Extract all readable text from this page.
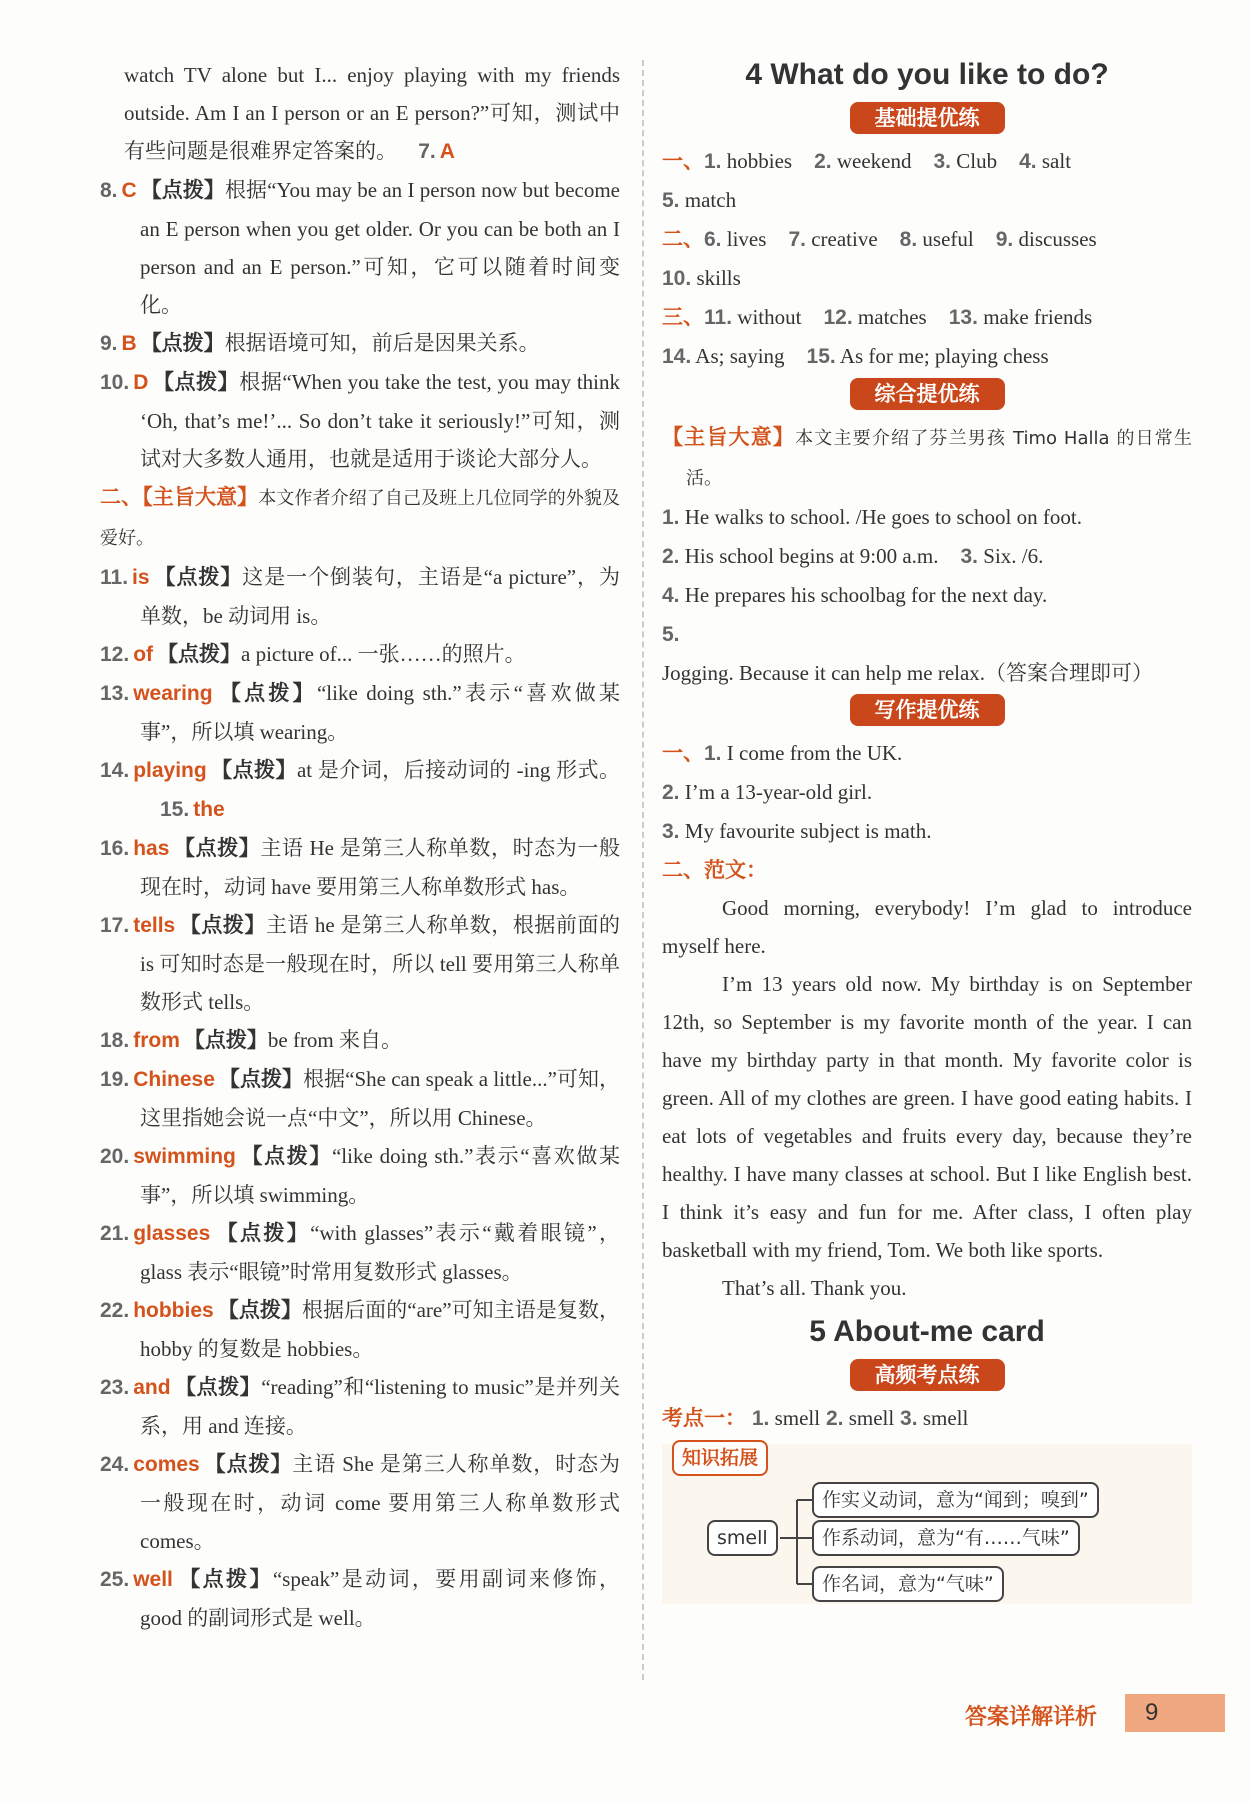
watch TV alone but I... enjoy playing with my friends outside. Am I an I person or an E person?”可知，测试中有些问题是很难界定答案的。 7. A
8. C 【点拨】根据“You may be an I person now but become an E person when you get older. Or you can be both an I person and an E person.”可知，它可以随着时间变化。
9. B 【点拨】根据语境可知，前后是因果关系。
10. D 【点拨】根据“When you take the test, you may think ‘Oh, that’s me!’... So don’t take it seriously!”可知，测试对大多数人通用，也就是适用于谈论大部分人。
二、【主旨大意】本文作者介绍了自己及班上几位同学的外貌及爱好。
11. is 【点拨】这是一个倒装句，主语是“a picture”，为单数，be 动词用 is。
12. of 【点拨】a picture of... 一张……的照片。
13. wearing 【点拨】“like doing sth.”表示“喜欢做某事”，所以填 wearing。
14. playing 【点拨】at 是介词，后接动词的 -ing 形式。15. the
16. has 【点拨】主语 He 是第三人称单数，时态为一般现在时，动词 have 要用第三人称单数形式 has。
17. tells 【点拨】主语 he 是第三人称单数，根据前面的 is 可知时态是一般现在时，所以 tell 要用第三人称单数形式 tells。
18. from 【点拨】be from 来自。
19. Chinese 【点拨】根据“She can speak a little...”可知，这里指她会说一点“中文”，所以用 Chinese。
20. swimming 【点拨】“like doing sth.”表示“喜欢做某事”，所以填 swimming。
21. glasses 【点拨】“with glasses”表示“戴着眼镜”，glass 表示“眼镜”时常用复数形式 glasses。
22. hobbies 【点拨】根据后面的“are”可知主语是复数，hobby 的复数是 hobbies。
23. and 【点拨】“reading”和“listening to music”是并列关系，用 and 连接。
24. comes 【点拨】主语 She 是第三人称单数，时态为一般现在时，动词 come 要用第三人称单数形式 comes。
25. well 【点拨】“speak”是动词，要用副词来修饰，good 的副词形式是 well。
4 What do you like to do?
基础提优练
一、1. hobbies 2. weekend 3. Club 4. salt
5. match
二、6. lives 7. creative 8. useful 9. discusses
10. skills
三、11. without 12. matches 13. make friends
14. As; saying 15. As for me; playing chess
综合提优练
【主旨大意】本文主要介绍了芬兰男孩 Timo Halla 的日常生活。
1. He walks to school. /He goes to school on foot.
2. His school begins at 9:00 a.m. 3. Six. /6.
4. He prepares his schoolbag for the next day.
5. Jogging. Because it can help me relax.（答案合理即可）
写作提优练
一、1. I come from the UK.
2. I’m a 13-year-old girl.
3. My favourite subject is math.
二、范文：
Good morning, everybody! I’m glad to introduce myself here.
I’m 13 years old now. My birthday is on September 12th, so September is my favorite month of the year. I can have my birthday party in that month. My favorite color is green. All of my clothes are green. I have good eating habits. I eat lots of vegetables and fruits every day, because they’re healthy. I have many classes at school. But I like English best. I think it’s easy and fun for me. After class, I often play basketball with my friend, Tom. We both like sports.
That’s all. Thank you.
5 About-me card
高频考点练
考点一： 1. smell 2. smell 3. smell
知识拓展
smell
作实义动词，意为“闻到；嗅到”
作系动词，意为“有……气味”
作名词，意为“气味”
答案详解详析	9
